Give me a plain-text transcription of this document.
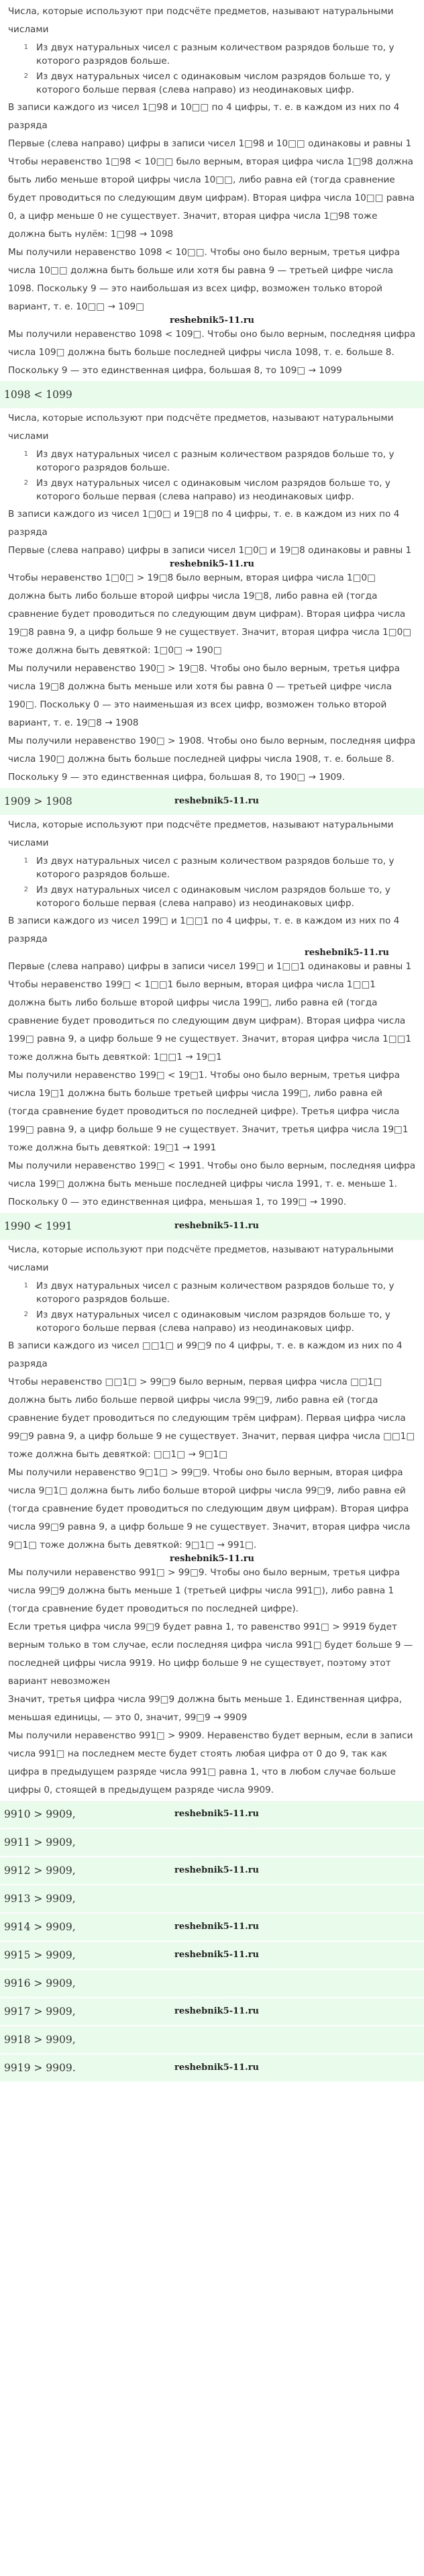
Числа, которые используют при подсчёте предметов, называют натуральными числами

1 Из двух натуральных чисел с разным количеством разрядов больше то, у которого разрядов больше.
2 Из двух натуральных чисел с одинаковым числом разрядов больше то, у которого больше первая (слева направо) из неодинаковых цифр.

В записи каждого из чисел 1□98 и 10□□ по 4 цифры, т. е. в каждом из них по 4 разряда

Первые (слева направо) цифры в записи чисел 1□98 и 10□□ одинаковы и равны 1

Чтобы неравенство 1□98 < 10□□ было верным, вторая цифра числа 1□98 должна быть либо меньше второй цифры числа 10□□, либо равна ей (тогда сравнение будет проводиться по следующим двум цифрам). Вторая цифра числа 10□□ равна 0, а цифр меньше 0 не существует. Значит, вторая цифра числа 1□98 тоже должна быть нулём: 1□98 → 1098

Мы получили неравенство 1098 < 10□□. Чтобы оно было верным, третья цифра числа 10□□ должна быть больше или хотя бы равна 9 — третьей цифре числа 1098. Поскольку 9 — это наибольшая из всех цифр, возможен только второй вариант, т. е. 10□□ → 109□

reshebnik5-11.ru

Мы получили неравенство 1098 < 109□. Чтобы оно было верным, последняя цифра числа 109□ должна быть больше последней цифры числа 1098, т. е. больше 8. Поскольку 9 — это единственная цифра, большая 8, то 109□ → 1099

1098 < 1099

Числа, которые используют при подсчёте предметов, называют натуральными числами

1 Из двух натуральных чисел с разным количеством разрядов больше то, у которого разрядов больше.
2 Из двух натуральных чисел с одинаковым числом разрядов больше то, у которого больше первая (слева направо) из неодинаковых цифр.

В записи каждого из чисел 1□0□ и 19□8 по 4 цифры, т. е. в каждом из них по 4 разряда

Первые (слева направо) цифры в записи чисел 1□0□ и 19□8 одинаковы и равны 1

reshebnik5-11.ru

Чтобы неравенство 1□0□ > 19□8 было верным, вторая цифра числа 1□0□ должна быть либо больше второй цифры числа 19□8, либо равна ей (тогда сравнение будет проводиться по следующим двум цифрам). Вторая цифра числа 19□8 равна 9, а цифр больше 9 не существует. Значит, вторая цифра числа 1□0□ тоже должна быть девяткой: 1□0□ → 190□

Мы получили неравенство 190□ > 19□8. Чтобы оно было верным, третья цифра числа 19□8 должна быть меньше или хотя бы равна 0 — третьей цифре числа 190□. Поскольку 0 — это наименьшая из всех цифр, возможен только второй вариант, т. е. 19□8 → 1908

Мы получили неравенство 190□ > 1908. Чтобы оно было верным, последняя цифра числа 190□ должна быть больше последней цифры числа 1908, т. е. больше 8. Поскольку 9 — это единственная цифра, большая 8, то 190□ → 1909.

1909 > 1908	reshebnik5-11.ru

Числа, которые используют при подсчёте предметов, называют натуральными числами

1 Из двух натуральных чисел с разным количеством разрядов больше то, у которого разрядов больше.
2 Из двух натуральных чисел с одинаковым числом разрядов больше то, у которого больше первая (слева направо) из неодинаковых цифр.

В записи каждого из чисел 199□ и 1□□1 по 4 цифры, т. е. в каждом из них по 4 разряда

reshebnik5-11.ru

Первые (слева направо) цифры в записи чисел 199□ и 1□□1 одинаковы и равны 1

Чтобы неравенство 199□ < 1□□1 было верным, вторая цифра числа 1□□1 должна быть либо больше второй цифры числа 199□, либо равна ей (тогда сравнение будет проводиться по следующим двум цифрам). Вторая цифра числа 199□ равна 9, а цифр больше 9 не существует. Значит, вторая цифра числа 1□□1 тоже должна быть девяткой: 1□□1 → 19□1

Мы получили неравенство 199□ < 19□1. Чтобы оно было верным, третья цифра числа 19□1 должна быть больше третьей цифры числа 199□, либо равна ей (тогда сравнение будет проводиться по последней цифре). Третья цифра числа 199□ равна 9, а цифр больше 9 не существует. Значит, третья цифра числа 19□1 тоже должна быть девяткой: 19□1 → 1991

Мы получили неравенство 199□ < 1991. Чтобы оно было верным, последняя цифра числа 199□ должна быть меньше последней цифры числа 1991, т. е. меньше 1. Поскольку 0 — это единственная цифра, меньшая 1, то 199□ → 1990.

1990 < 1991	reshebnik5-11.ru

Числа, которые используют при подсчёте предметов, называют натуральными числами

1 Из двух натуральных чисел с разным количеством разрядов больше то, у которого разрядов больше.
2 Из двух натуральных чисел с одинаковым числом разрядов больше то, у которого больше первая (слева направо) из неодинаковых цифр.

В записи каждого из чисел □□1□ и 99□9 по 4 цифры, т. е. в каждом из них по 4 разряда

Чтобы неравенство □□1□ > 99□9 было верным, первая цифра числа □□1□ должна быть либо больше первой цифры числа 99□9, либо равна ей (тогда сравнение будет проводиться по следующим трём цифрам). Первая цифра числа 99□9 равна 9, а цифр больше 9 не существует. Значит, первая цифра числа □□1□ тоже должна быть девяткой: □□1□ → 9□1□

Мы получили неравенство 9□1□ > 99□9. Чтобы оно было верным, вторая цифра числа 9□1□ должна быть либо больше второй цифры числа 99□9, либо равна ей (тогда сравнение будет проводиться по следующим двум цифрам). Вторая цифра числа 99□9 равна 9, а цифр больше 9 не существует. Значит, вторая цифра числа 9□1□ тоже должна быть девяткой: 9□1□ → 991□.

reshebnik5-11.ru

Мы получили неравенство 991□ > 99□9. Чтобы оно было верным, третья цифра числа 99□9 должна быть меньше 1 (третьей цифры числа 991□), либо равна 1 (тогда сравнение будет проводиться по последней цифре).

Если третья цифра числа 99□9 будет равна 1, то равенство 991□ > 9919 будет верным только в том случае, если последняя цифра числа 991□ будет больше 9 — последней цифры числа 9919. Но цифр больше 9 не существует, поэтому этот вариант невозможен

Значит, третья цифра числа 99□9 должна быть меньше 1. Единственная цифра, меньшая единицы, — это 0, значит, 99□9 → 9909

Мы получили неравенство 991□ > 9909. Неравенство будет верным, если в записи числа 991□ на последнем месте будет стоять любая цифра от 0 до 9, так как цифра в предыдущем разряде числа 991□ равна 1, что в любом случае больше цифры 0, стоящей в предыдущем разряде числа 9909.

9910 > 9909,	reshebnik5-11.ru
9911 > 9909,
9912 > 9909,	reshebnik5-11.ru
9913 > 9909,
9914 > 9909,	reshebnik5-11.ru
9915 > 9909,	reshebnik5-11.ru
9916 > 9909,
9917 > 9909,	reshebnik5-11.ru
9918 > 9909,
9919 > 9909.	reshebnik5-11.ru
